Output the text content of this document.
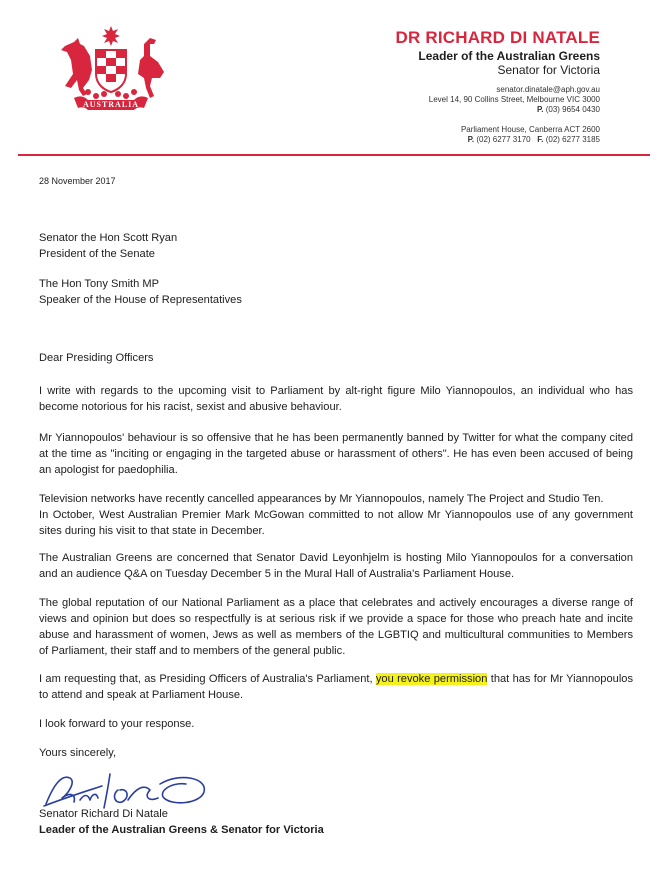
AUSTRALIA
DR RICHARD DI NATALE
Leader of the Australian Greens
Senator for Victoria
senator.dinatale@aph.gov.au
Level 14, 90 Collins Street, Melbourne VIC 3000
P. (03) 9654 0430
Parliament House, Canberra ACT 2600
P. (02) 6277 3170 F. (02) 6277 3185
28 November 2017
Senator the Hon Scott Ryan
President of the Senate
The Hon Tony Smith MP
Speaker of the House of Representatives
Dear Presiding Officers
I write with regards to the upcoming visit to Parliament by alt-right figure Milo Yiannopoulos, an individual who has become notorious for his racist, sexist and abusive behaviour.
Mr Yiannopoulos' behaviour is so offensive that he has been permanently banned by Twitter for what the company cited at the time as "inciting or engaging in the targeted abuse or harassment of others". He has even been accused of being an apologist for paedophilia.
Television networks have recently cancelled appearances by Mr Yiannopoulos, namely The Project and Studio Ten.
In October, West Australian Premier Mark McGowan committed to not allow Mr Yiannopoulos use of any government sites during his visit to that state in December.
The Australian Greens are concerned that Senator David Leyonhjelm is hosting Milo Yiannopoulos for a conversation and an audience Q&A on Tuesday December 5 in the Mural Hall of Australia's Parliament House.
The global reputation of our National Parliament as a place that celebrates and actively encourages a diverse range of views and opinion but does so respectfully is at serious risk if we provide a space for those who preach hate and incite abuse and harassment of women, Jews as well as members of the LGBTIQ and multicultural communities to Members of Parliament, their staff and to members of the general public.
I am requesting that, as Presiding Officers of Australia's Parliament, you revoke permission that has for Mr Yiannopoulos to attend and speak at Parliament House.
I look forward to your response.
Yours sincerely,
Senator Richard Di Natale
Leader of the Australian Greens & Senator for Victoria
